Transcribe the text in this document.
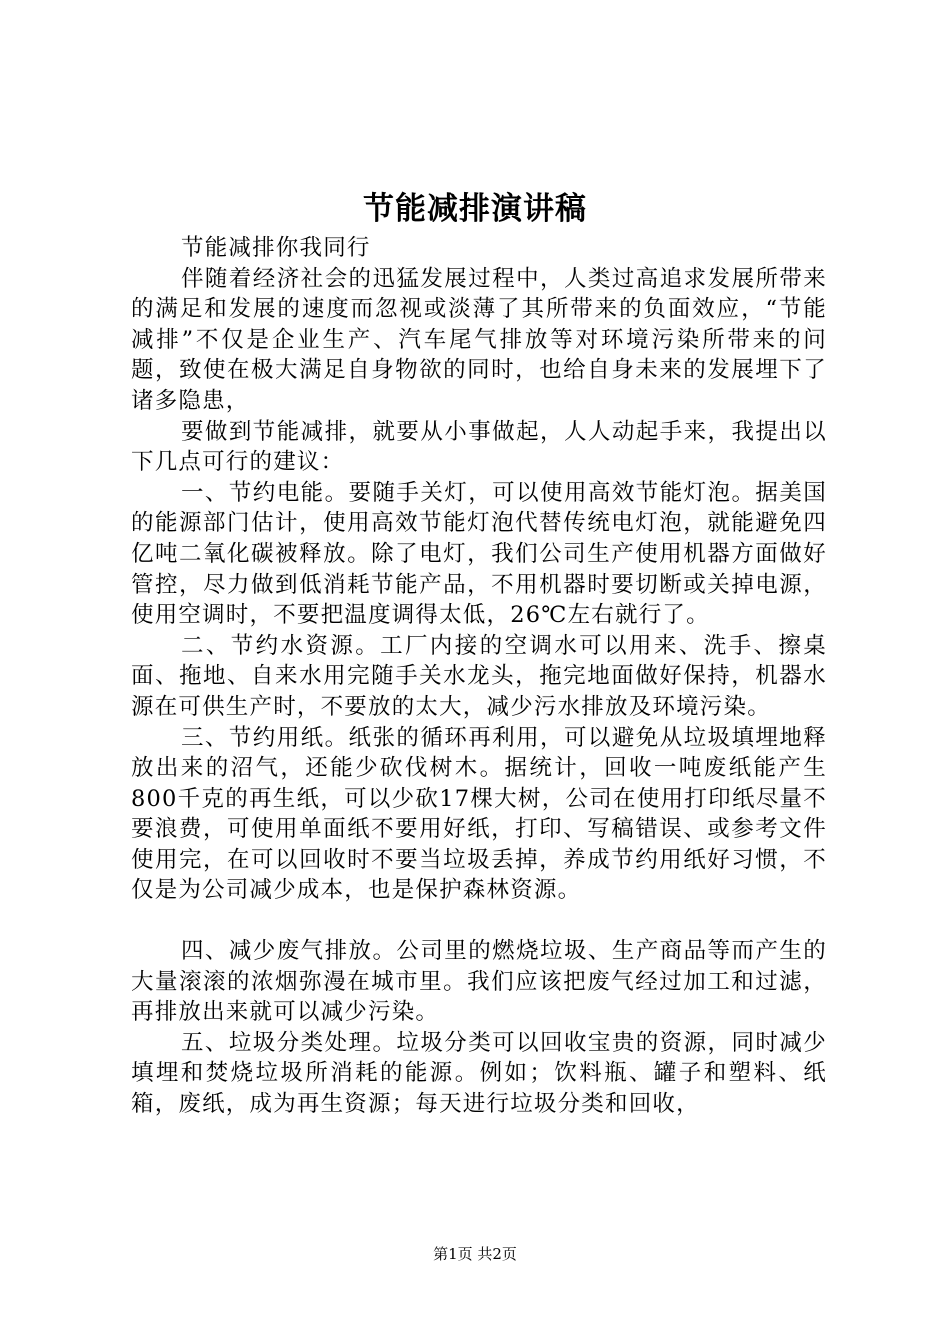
节能减排演讲稿

节能减排你我同行

伴随着经济社会的迅猛发展过程中，人类过高追求发展所带来的满足和发展的速度而忽视或淡薄了其所带来的负面效应，“节能减排”不仅是企业生产、汽车尾气排放等对环境污染所带来的问题，致使在极大满足自身物欲的同时，也给自身未来的发展埋下了诸多隐患，

要做到节能减排，就要从小事做起，人人动起手来，我提出以下几点可行的建议：

一、节约电能。要随手关灯，可以使用高效节能灯泡。据美国的能源部门估计，使用高效节能灯泡代替传统电灯泡，就能避免四亿吨二氧化碳被释放。除了电灯，我们公司生产使用机器方面做好管控，尽力做到低消耗节能产品，不用机器时要切断或关掉电源，使用空调时，不要把温度调得太低，26℃左右就行了。

二、节约水资源。工厂内接的空调水可以用来、洗手、擦桌面、拖地、自来水用完随手关水龙头，拖完地面做好保持，机器水源在可供生产时，不要放的太大，减少污水排放及环境污染。

三、节约用纸。纸张的循环再利用，可以避免从垃圾填埋地释放出来的沼气，还能少砍伐树木。据统计，回收一吨废纸能产生800千克的再生纸，可以少砍17棵大树，公司在使用打印纸尽量不要浪费，可使用单面纸不要用好纸，打印、写稿错误、或参考文件使用完，在可以回收时不要当垃圾丢掉，养成节约用纸好习惯，不仅是为公司减少成本，也是保护森林资源。

四、减少废气排放。公司里的燃烧垃圾、生产商品等而产生的大量滚滚的浓烟弥漫在城市里。我们应该把废气经过加工和过滤，再排放出来就可以减少污染。

五、垃圾分类处理。垃圾分类可以回收宝贵的资源，同时减少填埋和焚烧垃圾所消耗的能源。例如；饮料瓶、罐子和塑料、纸箱，废纸，成为再生资源；每天进行垃圾分类和回收，

第1页 共2页
